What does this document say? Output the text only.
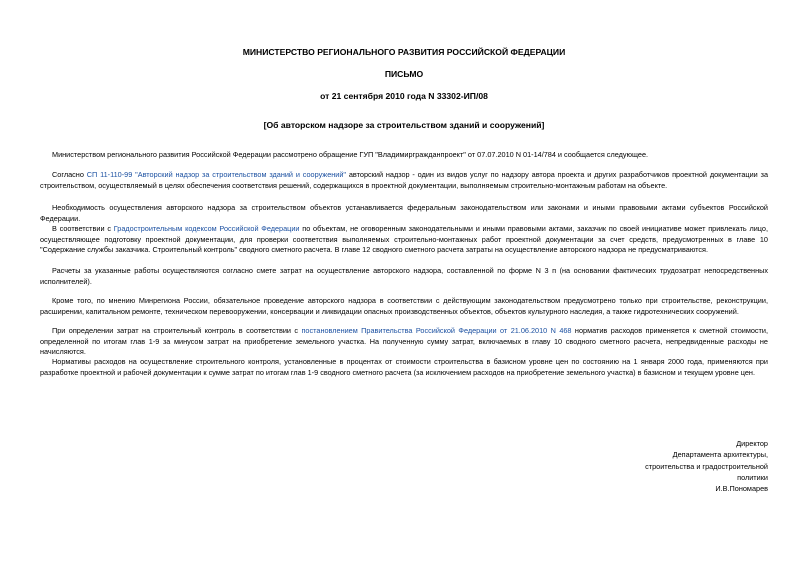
МИНИСТЕРСТВО РЕГИОНАЛЬНОГО РАЗВИТИЯ РОССИЙСКОЙ ФЕДЕРАЦИИ
ПИСЬМО
от 21 сентября 2010 года N 33302-ИП/08
[Об авторском надзоре за строительством зданий и сооружений]

Министерством регионального развития Российской Федерации рассмотрено обращение ГУП "Владимиргражданпроект" от 07.07.2010 N 01-14/784 и сообщается следующее.

Согласно СП 11-110-99 "Авторский надзор за строительством зданий и сооружений" авторский надзор - один из видов услуг по надзору автора проекта и других разработчиков проектной документации за строительством, осуществляемый в целях обеспечения соответствия решений, содержащихся в проектной документации, выполняемым строительно-монтажным работам на объекте.

Необходимость осуществления авторского надзора за строительством объектов устанавливается федеральным законодательством или законами и иными правовыми актами субъектов Российской Федерации.

В соответствии с Градостроительным кодексом Российской Федерации по объектам, не оговоренным законодательными и иными правовыми актами, заказчик по своей инициативе может привлекать лицо, осуществляющее подготовку проектной документации, для проверки соответствия выполняемых строительно-монтажных работ проектной документации за счет средств, предусмотренных в главе 10 "Содержание службы заказчика. Строительный контроль" сводного сметного расчета. В главе 12 сводного сметного расчета затраты на осуществление авторского надзора не предусматриваются.

Расчеты за указанные работы осуществляются согласно смете затрат на осуществление авторского надзора, составленной по форме N 3 п (на основании фактических трудозатрат непосредственных исполнителей).

Кроме того, по мнению Минрегиона России, обязательное проведение авторского надзора в соответствии с действующим законодательством предусмотрено только при строительстве, реконструкции, расширении, капитальном ремонте, техническом перевооружении, консервации и ликвидации опасных производственных объектов, объектов культурного наследия, а также гидротехнических сооружений.

При определении затрат на строительный контроль в соответствии с постановлением Правительства Российской Федерации от 21.06.2010 N 468 норматив расходов применяется к сметной стоимости, определенной по итогам глав 1-9 за минусом затрат на приобретение земельного участка. На полученную сумму затрат, включаемых в главу 10 сводного сметного расчета, непредвиденные расходы не начисляются.

Нормативы расходов на осуществление строительного контроля, установленные в процентах от стоимости строительства в базисном уровне цен по состоянию на 1 января 2000 года, применяются при разработке проектной и рабочей документации к сумме затрат по итогам глав 1-9 сводного сметного расчета (за исключением расходов на приобретение земельного участка) в базисном и текущем уровне цен.

Директор
Департамента архитектуры,
строительства и градостроительной
политики
И.В.Пономарев
